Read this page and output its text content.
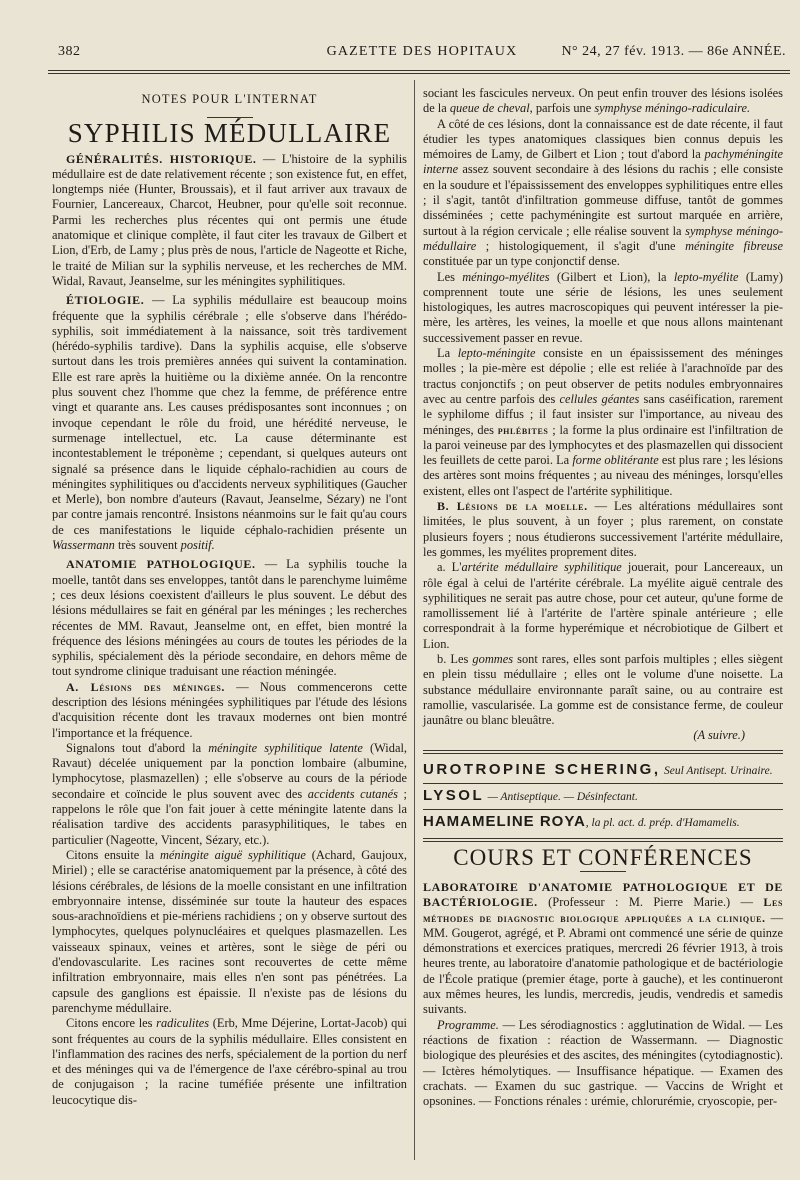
382	GAZETTE DES HOPITAUX	N° 24, 27 fév. 1913. — 86e ANNÉE.
NOTES POUR L'INTERNAT
SYPHILIS MÉDULLAIRE

GÉNÉRALITÉS. HISTORIQUE. — L'histoire de la syphilis médullaire est de date relativement récente ; son existence fut, en effet, longtemps niée (Hunter, Broussais), et il faut arriver aux travaux de Fournier, Lancereaux, Charcot, Heubner, pour qu'elle soit reconnue. Parmi les recherches plus récentes qui ont permis une étude anatomique et clinique complète, il faut citer les travaux de Gilbert et Lion, d'Erb, de Lamy ; plus près de nous, l'article de Nageotte et Riche, le traité de Milian sur la syphilis nerveuse, et les recherches de MM. Widal, Ravaut, Jeanselme, sur les méningites syphilitiques.

ÉTIOLOGIE. — La syphilis médullaire est beaucoup moins fréquente que la syphilis cérébrale ; elle s'observe dans l'hérédo-syphilis, soit immédiatement à la naissance, soit très tardivement (hérédo-syphilis tardive). Dans la syphilis acquise, elle s'observe surtout dans les trois premières années qui suivent la contamination. Elle est rare après la huitième ou la dixième année. On la rencontre plus souvent chez l'homme que chez la femme, de préférence entre vingt et quarante ans. Les causes prédisposantes sont inconnues ; on invoque cependant le rôle du froid, une hérédité nerveuse, le surmenage intellectuel, etc. La cause déterminante est incontestablement le tréponème ; cependant, si quelques auteurs ont signalé sa présence dans le liquide céphalo-rachidien au cours de méningites syphilitiques ou d'accidents nerveux syphilitiques (Gaucher et Merle), bon nombre d'auteurs (Ravaut, Jeanselme, Sézary) ne l'ont par contre jamais rencontré. Insistons néanmoins sur le fait qu'au cours de ces manifestations le liquide céphalo-rachidien présente un Wassermann très souvent positif.

ANATOMIE PATHOLOGIQUE. — La syphilis touche la moelle, tantôt dans ses enveloppes, tantôt dans le parenchyme luimême ; ces deux lésions coexistent d'ailleurs le plus souvent. Le début des lésions médullaires se fait en général par les méninges ; les recherches récentes de MM. Ravaut, Jeanselme ont, en effet, bien montré la fréquence des lésions méningées au cours de toutes les périodes de la syphilis, spécialement dès la période secondaire, en dehors même de tout syndrome clinique traduisant une réaction méningée.

A. Lésions des méninges. — Nous commencerons cette description des lésions méningées syphilitiques par l'étude des lésions d'acquisition récente dont les travaux modernes ont bien montré l'importance et la fréquence.

Signalons tout d'abord la méningite syphilitique latente (Widal, Ravaut) décelée uniquement par la ponction lombaire (albumine, lymphocytose, plasmazellen) ; elle s'observe au cours de la période secondaire et coïncide le plus souvent avec des accidents cutanés ; rappelons le rôle que l'on fait jouer à cette méningite latente dans la réalisation tardive des accidents parasyphilitiques, le tabes en particulier (Nageotte, Vincent, Sézary, etc.).

Citons ensuite la méningite aiguë syphilitique (Achard, Gaujoux, Miriel) ; elle se caractérise anatomiquement par la présence, à côté des lésions cérébrales, de lésions de la moelle consistant en une infiltration embryonnaire intense, disséminée sur toute la hauteur des espaces sous-arachnoïdiens et pie-mériens rachidiens ; on y observe surtout des lymphocytes, quelques polynucléaires et quelques plasmazellen. Les vaisseaux spinaux, veines et artères, sont le siège de péri ou d'endovascularite. Les racines sont recouvertes de cette même infiltration embryonnaire, mais elles n'en sont pas pénétrées. La capsule des ganglions est épaissie. Il n'existe pas de lésions du parenchyme médullaire.

Citons encore les radiculites (Erb, Mme Déjerine, Lortat-Jacob) qui sont fréquentes au cours de la syphilis médullaire. Elles consistent en l'inflammation des racines des nerfs, spécialement de la portion du nerf et des méninges qui va de l'émergence de l'axe cérébro-spinal au trou de conjugaison ; la racine tuméfiée présente une infiltration leucocytique dis-

sociant les fascicules nerveux. On peut enfin trouver des lésions isolées de la queue de cheval, parfois une symphyse méningo-radiculaire.

A côté de ces lésions, dont la connaissance est de date récente, il faut étudier les types anatomiques classiques bien connus depuis les mémoires de Lamy, de Gilbert et Lion ; tout d'abord la pachyméningite interne assez souvent secondaire à des lésions du rachis ; elle consiste en la soudure et l'épaississement des enveloppes syphilitiques entre elles ; il s'agit, tantôt d'infiltration gommeuse diffuse, tantôt de gommes disséminées ; cette pachyméningite est surtout marquée en arrière, surtout à la région cervicale ; elle réalise souvent la symphyse méningo-médullaire ; histologiquement, il s'agit d'une méningite fibreuse constituée par un type conjonctif dense.

Les méningo-myélites (Gilbert et Lion), la lepto-myélite (Lamy) comprennent toute une série de lésions, les unes seulement histologiques, les autres macroscopiques qui peuvent intéresser la pie-mère, les artères, les veines, la moelle et que nous allons maintenant successivement passer en revue.

La lepto-méningite consiste en un épaississement des méninges molles ; la pie-mère est dépolie ; elle est reliée à l'arachnoïde par des tractus conjonctifs ; on peut observer de petits nodules embryonnaires avec au centre parfois des cellules géantes sans caséification, rarement le syphilome diffus ; il faut insister sur l'importance, au niveau des méninges, des phlébites ; la forme la plus ordinaire est l'infiltration de la paroi veineuse par des lymphocytes et des plasmazellen qui dissocient les feuillets de cette paroi. La forme oblitérante est plus rare ; les lésions des artères sont moins fréquentes ; au niveau des méninges, lorsqu'elles existent, elles ont l'aspect de l'artérite syphilitique.

B. Lésions de la moelle. — Les altérations médullaires sont limitées, le plus souvent, à un foyer ; plus rarement, on constate plusieurs foyers ; nous étudierons successivement l'artérite médullaire, les gommes, les myélites proprement dites.

a. L'artérite médullaire syphilitique jouerait, pour Lancereaux, un rôle égal à celui de l'artérite cérébrale. La myélite aiguë centrale des syphilitiques ne serait pas autre chose, pour cet auteur, qu'une forme de ramollissement lié à l'artérite de l'artère spinale antérieure ; elle correspondrait à la forme hyperémique et nécrobiotique de Gilbert et Lion.

b. Les gommes sont rares, elles sont parfois multiples ; elles siègent en plein tissu médullaire ; elles ont le volume d'une noisette. La substance médullaire environnante paraît saine, ou au contraire est ramollie, vascularisée. La gomme est de consistance ferme, de couleur jaunâtre ou blanc bleuâtre.

(A suivre.)
UROTROPINE SCHERING, Seul Antisept. Urinaire.
LYSOL — Antiseptique. — Désinfectant.
HAMAMELINE ROYA, la pl. act. d. prép. d'Hamamelis.
COURS ET CONFÉRENCES

LABORATOIRE D'ANATOMIE PATHOLOGIQUE ET DE BACTÉRIOLOGIE. (Professeur : M. Pierre Marie.) — Les méthodes de diagnostic biologique appliquées a la clinique. — MM. Gougerot, agrégé, et P. Abrami ont commencé une série de quinze démonstrations et exercices pratiques, mercredi 26 février 1913, à trois heures trente, au laboratoire d'anatomie pathologique et de bactériologie de l'École pratique (premier étage, porte à gauche), et les continueront aux mêmes heures, les lundis, mercredis, jeudis, vendredis et samedis suivants.

Programme. — Les sérodiagnostics : agglutination de Widal. — Les réactions de fixation : réaction de Wassermann. — Diagnostic biologique des pleurésies et des ascites, des méningites (cytodiagnostic). — Ictères hémolytiques. — Insuffisance hépatique. — Examen des crachats. — Examen du suc gastrique. — Vaccins de Wright et opsonines. — Fonctions rénales : urémie, chlorurémie, cryoscopie, per-
